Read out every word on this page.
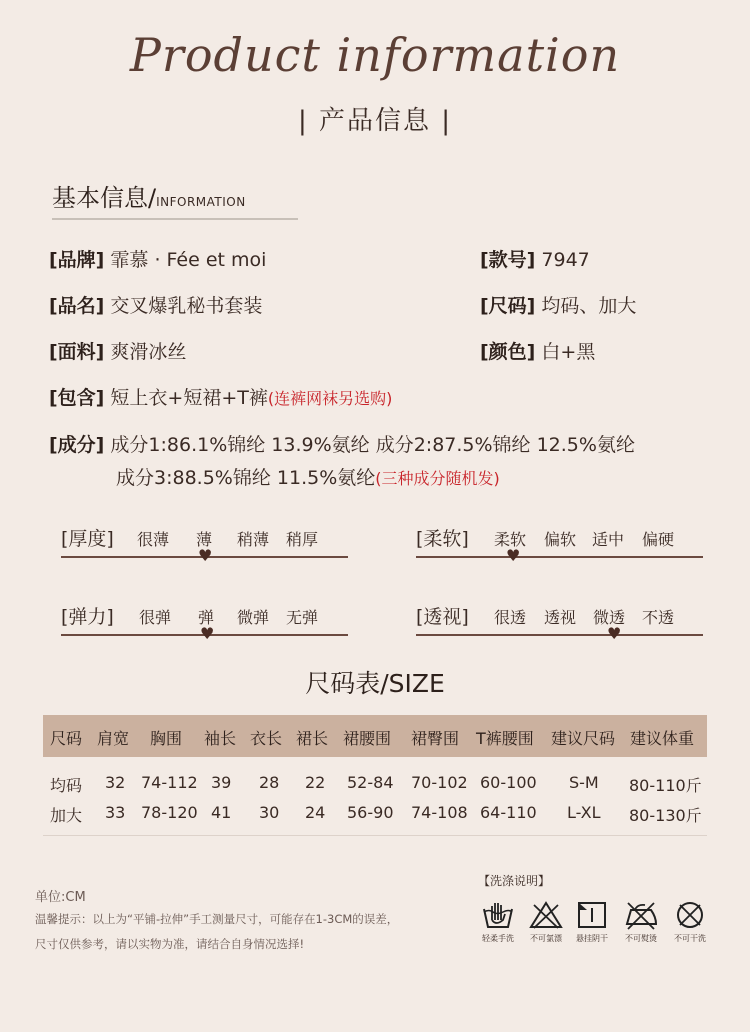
Product information
| 产品信息 |
基本信息/INFORMATION
[品牌] 霏慕 · Fée et moi	[款号] 7947
[品名] 交叉爆乳秘书套装	[尺码] 均码、加大
[面料] 爽滑冰丝	[颜色] 白+黑
[包含] 短上衣+短裙+T裤(连裤网袜另选购)
[成分] 成分1:86.1%锦纶 13.9%氨纶 成分2:87.5%锦纶 12.5%氨纶
成分3:88.5%锦纶 11.5%氨纶(三种成分随机发)
[厚度] 很薄 薄 稍薄 稍厚
♥
[柔软] 柔软 偏软 适中 偏硬
♥
[弹力] 很弹 弹 微弹 无弹
♥
[透视] 很透 透视 微透 不透
♥
尺码表/SIZE
尺码 肩宽 胸围 袖长 衣长 裙长 裙腰围 裙臀围 T裤腰围 建议尺码 建议体重
均码 32 74-112 39 28 22 52-84 70-102 60-100 S-M 80-110斤
加大 33 78-120 41 30 24 56-90 74-108 64-110 L-XL 80-130斤
单位:CM
温馨提示：以上为“平铺-拉伸”手工测量尺寸，可能存在1-3CM的误差，
尺寸仅供参考，请以实物为准，请结合自身情况选择!
【洗涤说明】
轻柔手洗	不可氯漂	悬挂阴干	不可熨烫	不可干洗
